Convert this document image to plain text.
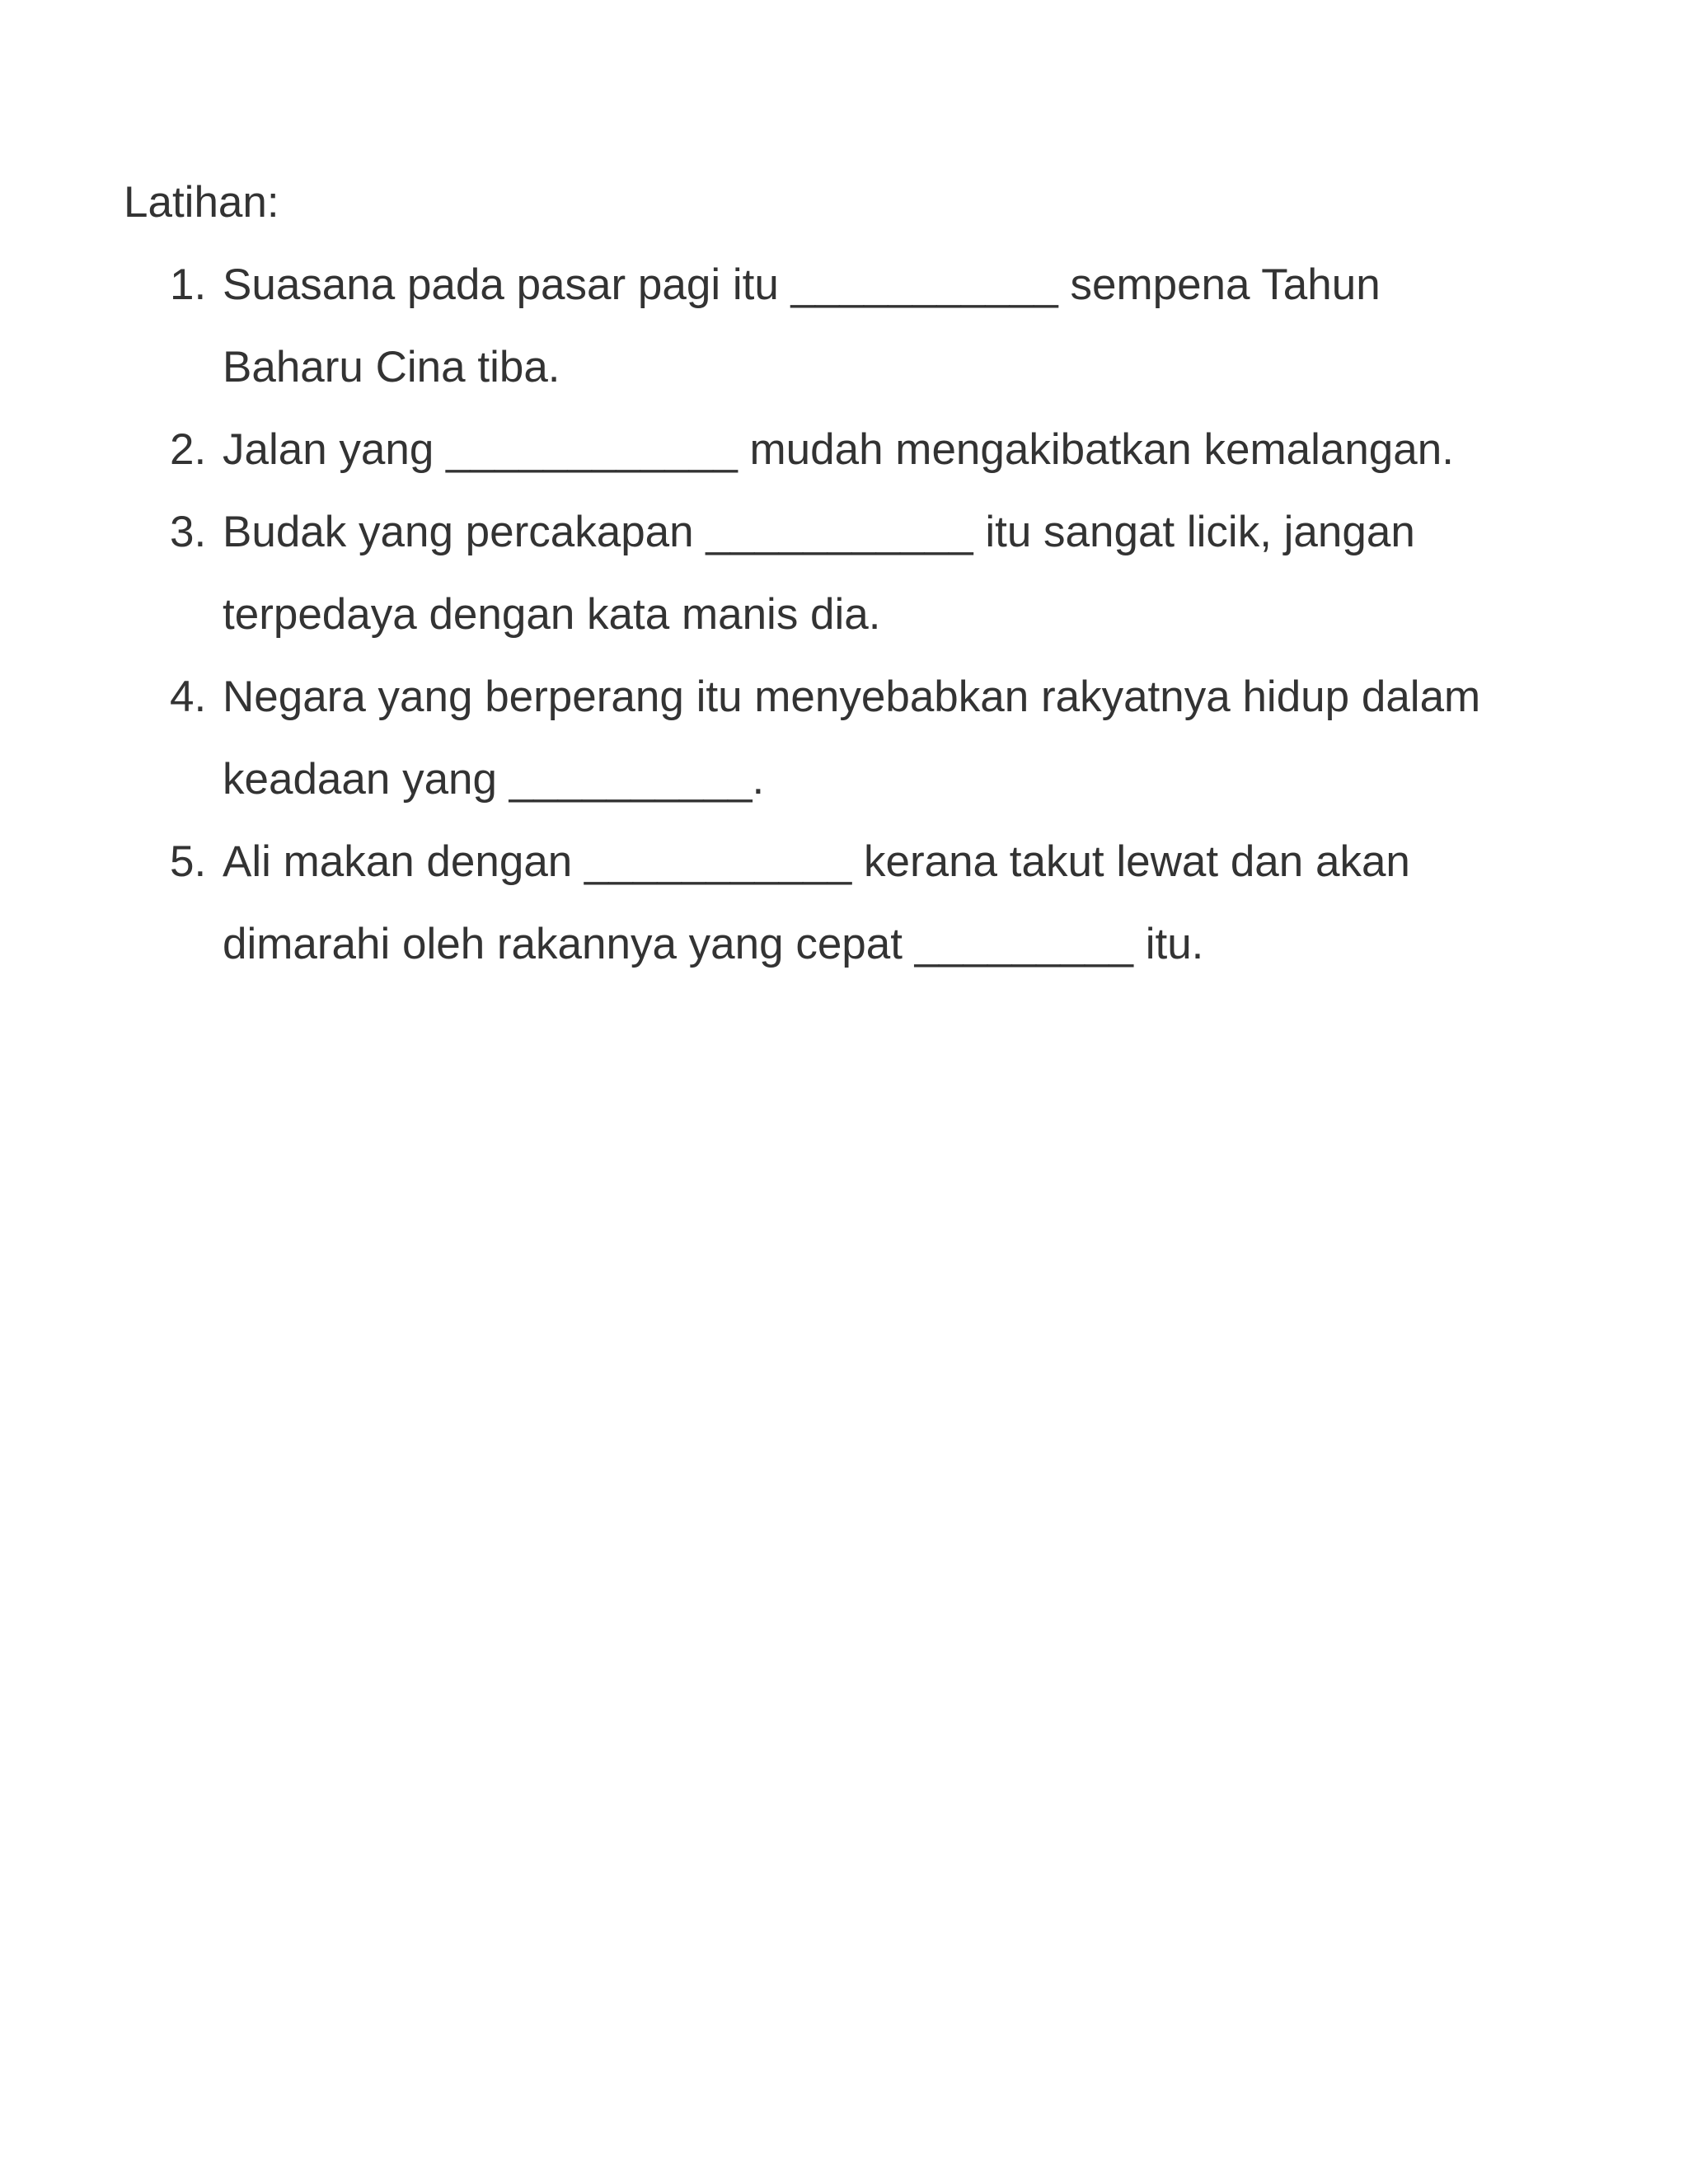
Latihan:

1. Suasana pada pasar pagi itu ___________ sempena Tahun
Baharu Cina tiba.
2. Jalan yang ____________ mudah mengakibatkan kemalangan.
3. Budak yang percakapan ___________ itu sangat licik, jangan
terpedaya dengan kata manis dia.
4. Negara yang berperang itu menyebabkan rakyatnya hidup dalam
keadaan yang __________.
5. Ali makan dengan ___________ kerana takut lewat dan akan
dimarahi oleh rakannya yang cepat _________ itu.
